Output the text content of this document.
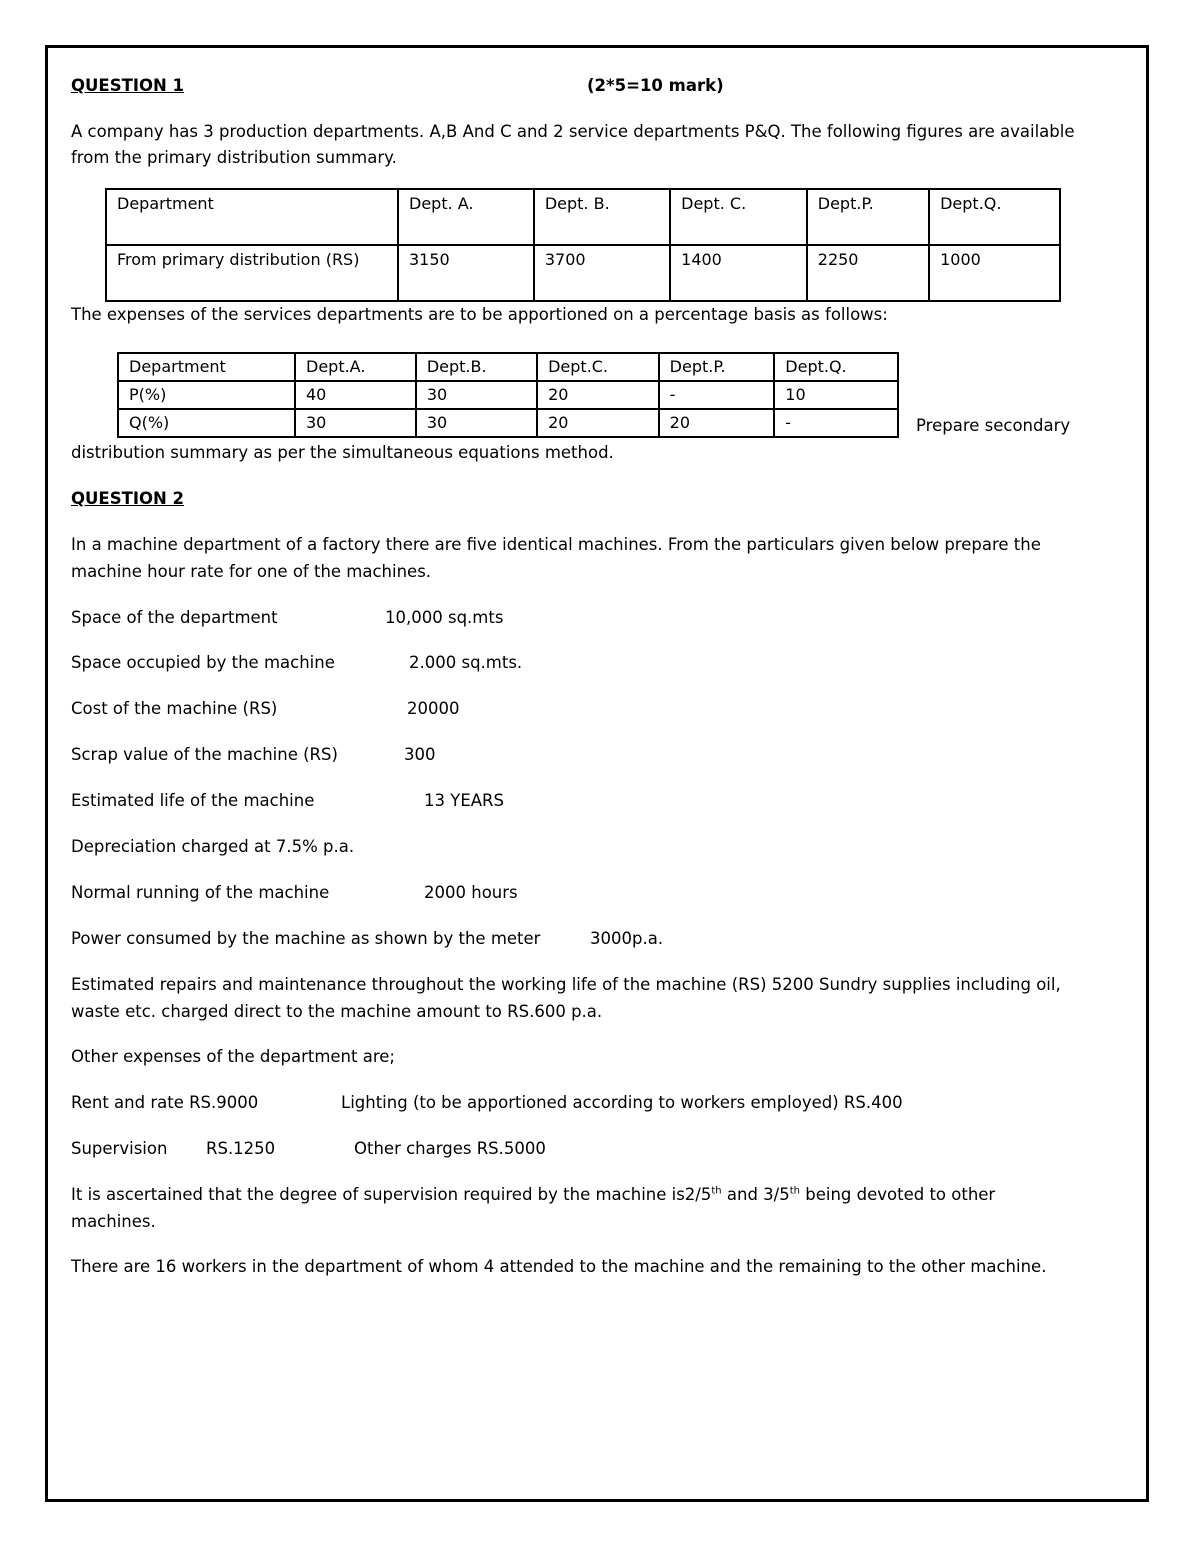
QUESTION 1	(2*5=10 mark)
A company has 3 production departments. A,B And C and 2 service departments P&Q. The following figures are available
from the primary distribution summary.
Department	Dept. A.	Dept. B.	Dept. C.	Dept.P.	Dept.Q.
From primary distribution (RS)	3150	3700	1400	2250	1000
The expenses of the services departments are to be apportioned on a percentage basis as follows:
Department	Dept.A.	Dept.B.	Dept.C.	Dept.P.	Dept.Q.
P(%)	40	30	20	-	10
Q(%)	30	30	20	20	-	Prepare secondary
distribution summary as per the simultaneous equations method.
QUESTION 2
In a machine department of a factory there are five identical machines. From the particulars given below prepare the
machine hour rate for one of the machines.
Space of the department	10,000 sq.mts
Space occupied by the machine	2.000 sq.mts.
Cost of the machine (RS)	20000
Scrap value of the machine (RS)	300
Estimated life of the machine	13 YEARS
Depreciation charged at 7.5% p.a.
Normal running of the machine	2000 hours
Power consumed by the machine as shown by the meter	3000p.a.
Estimated repairs and maintenance throughout the working life of the machine (RS) 5200 Sundry supplies including oil,
waste etc. charged direct to the machine amount to RS.600 p.a.
Other expenses of the department are;
Rent and rate RS.9000	Lighting (to be apportioned according to workers employed) RS.400
Supervision RS.1250	Other charges RS.5000
It is ascertained that the degree of supervision required by the machine is2/5th and 3/5th being devoted to other
machines.
There are 16 workers in the department of whom 4 attended to the machine and the remaining to the other machine.
